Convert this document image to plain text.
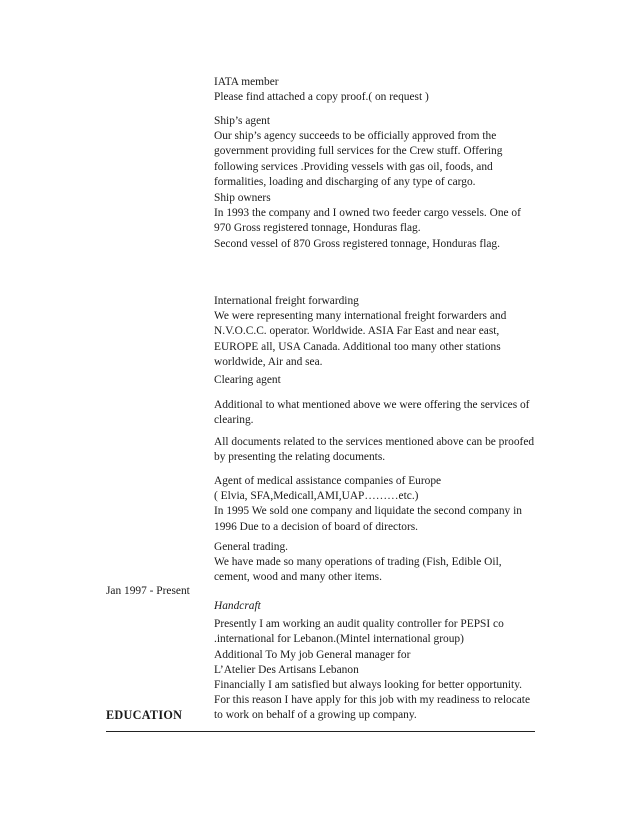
IATA member

Please find attached a copy proof.( on request )

Ship’s agent

Our ship’s agency succeeds to be officially approved from the

government providing full services for the Crew stuff. Offering

following services .Providing vessels with gas oil, foods, and

formalities, loading and discharging of any type of cargo.

Ship owners

In 1993 the company and I owned two feeder cargo vessels. One of

970 Gross registered tonnage, Honduras flag.

Second vessel of 870 Gross registered tonnage, Honduras flag.

International freight forwarding

We were representing many international freight forwarders and

N.V.O.C.C. operator. Worldwide. ASIA Far East and near east,

EUROPE all, USA Canada. Additional too many other stations

worldwide, Air and sea.

Clearing agent

Additional to what mentioned above we were offering the services of

clearing.

All documents related to the services mentioned above can be proofed

by presenting the relating documents.

Agent of medical assistance companies of Europe

( Elvia, SFA,Medicall,AMI,UAP………etc.)

In 1995 We sold one company and liquidate the second company in

1996 Due to a decision of board of directors.

General trading.

We have made so many operations of trading (Fish, Edible Oil,

cement, wood and many other items.

Jan 1997 - Present

Handcraft

Presently I am working an audit quality controller for PEPSI co

.international for Lebanon.(Mintel international group)

Additional To My job General manager for

L’Atelier Des Artisans Lebanon

Financially I am satisfied but always looking for better opportunity.

For this reason I have apply for this job with my readiness to relocate

to work on behalf of a growing up company.

EDUCATION
